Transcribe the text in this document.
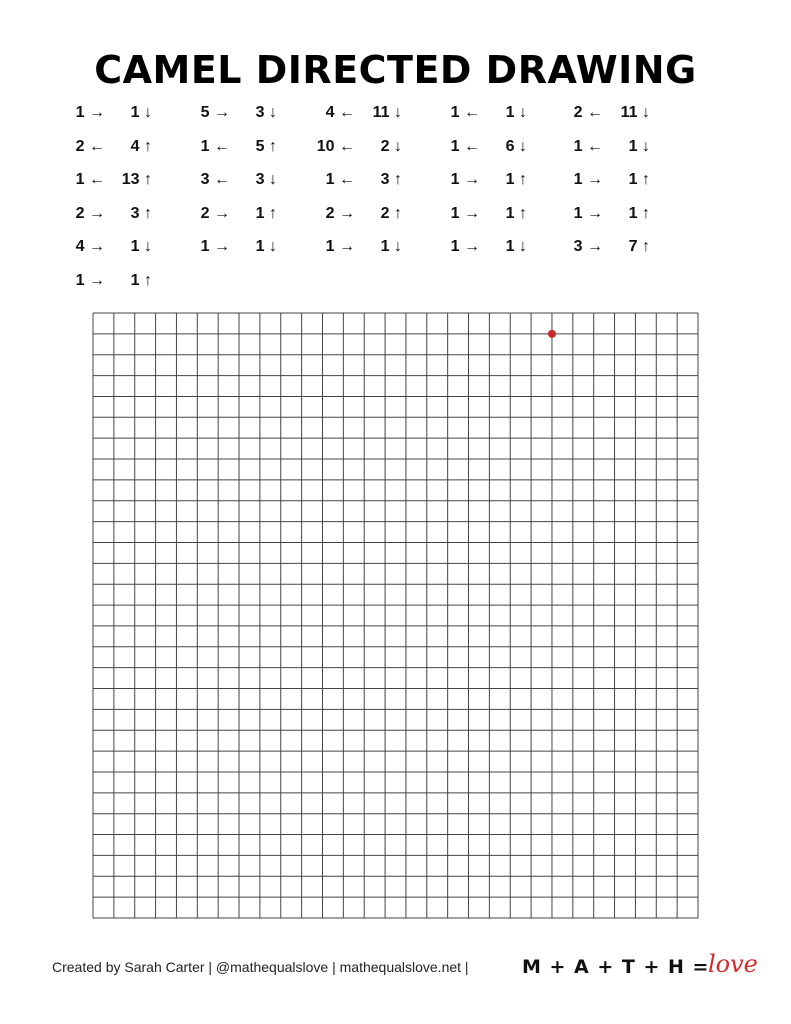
CAMEL DIRECTED DRAWING
1 →	1 ↓	5 →	3 ↓	4 ←	11 ↓	1 ←	1 ↓	2 ←	11 ↓
2 ←	4 ↑	1 ←	5 ↑	10 ←	2 ↓	1 ←	6 ↓	1 ←	1 ↓
1 ←	13 ↑	3 ←	3 ↓	1 ←	3 ↑	1 →	1 ↑	1 →	1 ↑
2 →	3 ↑	2 →	1 ↑	2 →	2 ↑	1 →	1 ↑	1 →	1 ↑
4 →	1 ↓	1 →	1 ↓	1 →	1 ↓	1 →	1 ↓	3 →	7 ↑
1 →	1 ↑
Created by Sarah Carter | @mathequalslove | mathequalslove.net |	M + A + T + H =
love
